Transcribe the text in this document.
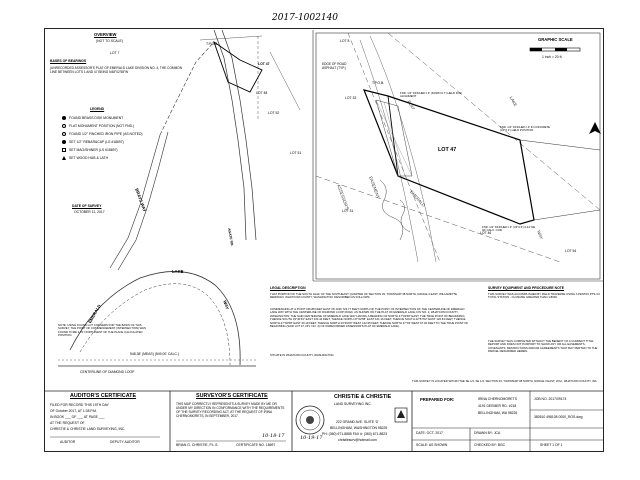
2017-1002140
OVERVIEW
(NOT TO SCALE)
BASES OF BEARINGS
(UNRECORDED ASSESSOR'S PLAT OF EMERALD LAKE DIVISION NO. 4, THE COMMON LINE BETWEEN LOTS 1 AND 47 BEING N48°02'58"W
LEGEND
FOUND BRASS DISK MONUMENT
FLAT MONUMENT POSITION (NOT FND.)
FOUND 1/2" FINCHED IRON PIPE (AS NOTED)
SET 1/2" REBAR&CAP (LS #18697)
SET MAG/SHINER (LS #18697)
SET WOOD HUB & LATH
DATE OF SURVEY
OCTOBER 11, 2017
T.P.O.B.
LOT 47
LOT 48
LOT 52
LOT 51
LOT 7
BRAYS WAY
AGATE RD.
LAKE
EMERALD	WAY
CENTERLINE OF DIAMOND LOOP
548.38' (MEAS) (549.00' CALC.)
NOTE: USING FOUND LOT CORNERS FOR THE BASIS OF THIS SURVEY, THE POINT OF COMMENCEMENT (INTERSECTION) WAS FOUND TO BE 1.70' NORTHWEST OF THE PLACE CALCULATED POSITION.
GRAPHIC SCALE
1 inch = 20 ft.
LOT 8
EDGE OF ROAD ASPHALT (TYP.)
LOT 47
LOT 46
LOT 31
LOT 33
LOT 54
ASSESSOR'S
PLAT
EASEMENT	EMERALD
LAKE
WAY
T.P.O.B.
FND. 1/2" FINCHED I.P. (DOWN 0.7') HELD FOR ALIGNMENT
FND. 1/2" FINCHED I.P. IN CONCRETE (UP 0.1') HELD POSITION
FND. 1/2" FINCHED I.P. (UP 0.3') 0.44' NE OF CALC. COR.
LEGAL DESCRIPTION
THAT PORTION OF THE SOUTH HALF OF THE SOUTHEAST QUARTER OF SECTION 33, TOWNSHIP 38 NORTH, RANGE 3 EAST, WILLAMETTE MERIDIAN, WHATCOM COUNTY, WASHINGTON, DESCRIBED AS FOLLOWS:
COMMENCING AT A POINT 346.88 FEET EAST OF AND 723.77 FEET NORTH OF THE POINT OF INTERSECTION OF THE CENTERLINE OF EMERALD LAKE WAY WITH THE CENTERLINE OF DIAMOND LOOP ROAD, AS SHOWN ON THE PLAT OF EMERALD LAKE, DIV NO. 2, WHATCOM COUNTY, WASHINGTON; THE SAID CENTERLINE OF EMERALD LAKE WAY HAVING A BEARING OF NORTH 47°02'58" EAST; THE TRUE POINT OF BEGINNING; THENCE SOUTH 33°40'43" EAST 130.44 FEET; THENCE NORTH 47°02'58" EAST 101.16 FEET; THENCE SOUTH 42°57'02" EAST 126.63 FEET; THENCE NORTH 47°02'58" EAST 29.10 FEET; THENCE NORTH 33°49'00" WEST 142.95 FEET; THENCE NORTH 47°03' WEST 97.00 FEET TO THE TRUE POINT OF BEGINNING (SAID LOT 47, DIV. NO. 4) OF UNRECORDED ASSESSOR'S PLAT OF EMERALD LAKE).
SITUATE IN WHATCOM COUNTY, WASHINGTON.
SURVEY EQUIPMENT AND PROCEDURE NOTE
THIS SURVEY WAS ACCOMPLISHED BY FIELD TRAVERSE USING A PENTAX PTS-V3 TOTAL STATION - CLOSURE GREATER THAN 1:8000.
THE SURVEY WAS COMPLETED WITHOUT THE BENEFIT OF A CURRENT TITLE REPORT AND DOES NOT PURPORT TO SHOW ANY OR ALL EASEMENTS, COVENANTS, RESTRICTIONS AND/OR AGREEMENTS THAT MAY PERTAIN TO THE PARCEL DESCRIBED HEREIN.
THIS SURVEY IS LOCATED WITHIN THE SE 1/4, SE 1/4, SECTION 33, TOWNSHIP 38 NORTH, RANGE 3 EAST, W.M., WHATCOM COUNTY, WA.
AUDITOR'S CERTIFICATE
FILED FOR RECORD THIS 19TH DAY
OF October 2017, AT 1:38 P.M.
IN BOOK ___ OF ___ AT PAGE ___
AT THE REQUEST OF
CHRISTIE & CHRISTIE LAND SURVEYING, INC.
AUDITOR	DEPUTY AUDITOR
SURVEYOR'S CERTIFICATE
THIS MAP CORRECTLY REPRESENTS A SURVEY MADE BY ME OR UNDER MY DIRECTION IN CONFORMANCE WITH THE REQUIREMENTS OF THE SURVEY RECORDING ACT, AT THE REQUEST OF IRINA CHERNOMORETS, IN SEPTEMBER, 2017.
BRIAN G. CHRISTIE, P.L.S.	CERTIFICATE NO. 18697
10-18-17
CHRISTIE & CHRISTIE
LAND SURVEYING INC.
222 GRAND AVE. SUITE 'D'
BELLINGHAM, WASHINGTON 98225
PH: (360) 671-8885 FAX #: (360) 671-8823
christiesurv@hotmail.com
10-19-17
PREPARED FOR:	IRINA CHERNOMORETS
4191 DEEMER RD. #218
BELLINGHAM, WA 98226
JOB NO. 2017/09174
380510 498108 0000_ROS.dwg
DATE: OCT. 2017	DRAWN BY: JCA
SCALE: AS SHOWN	CHECKED BY: BGC	SHEET 1 OF 1
